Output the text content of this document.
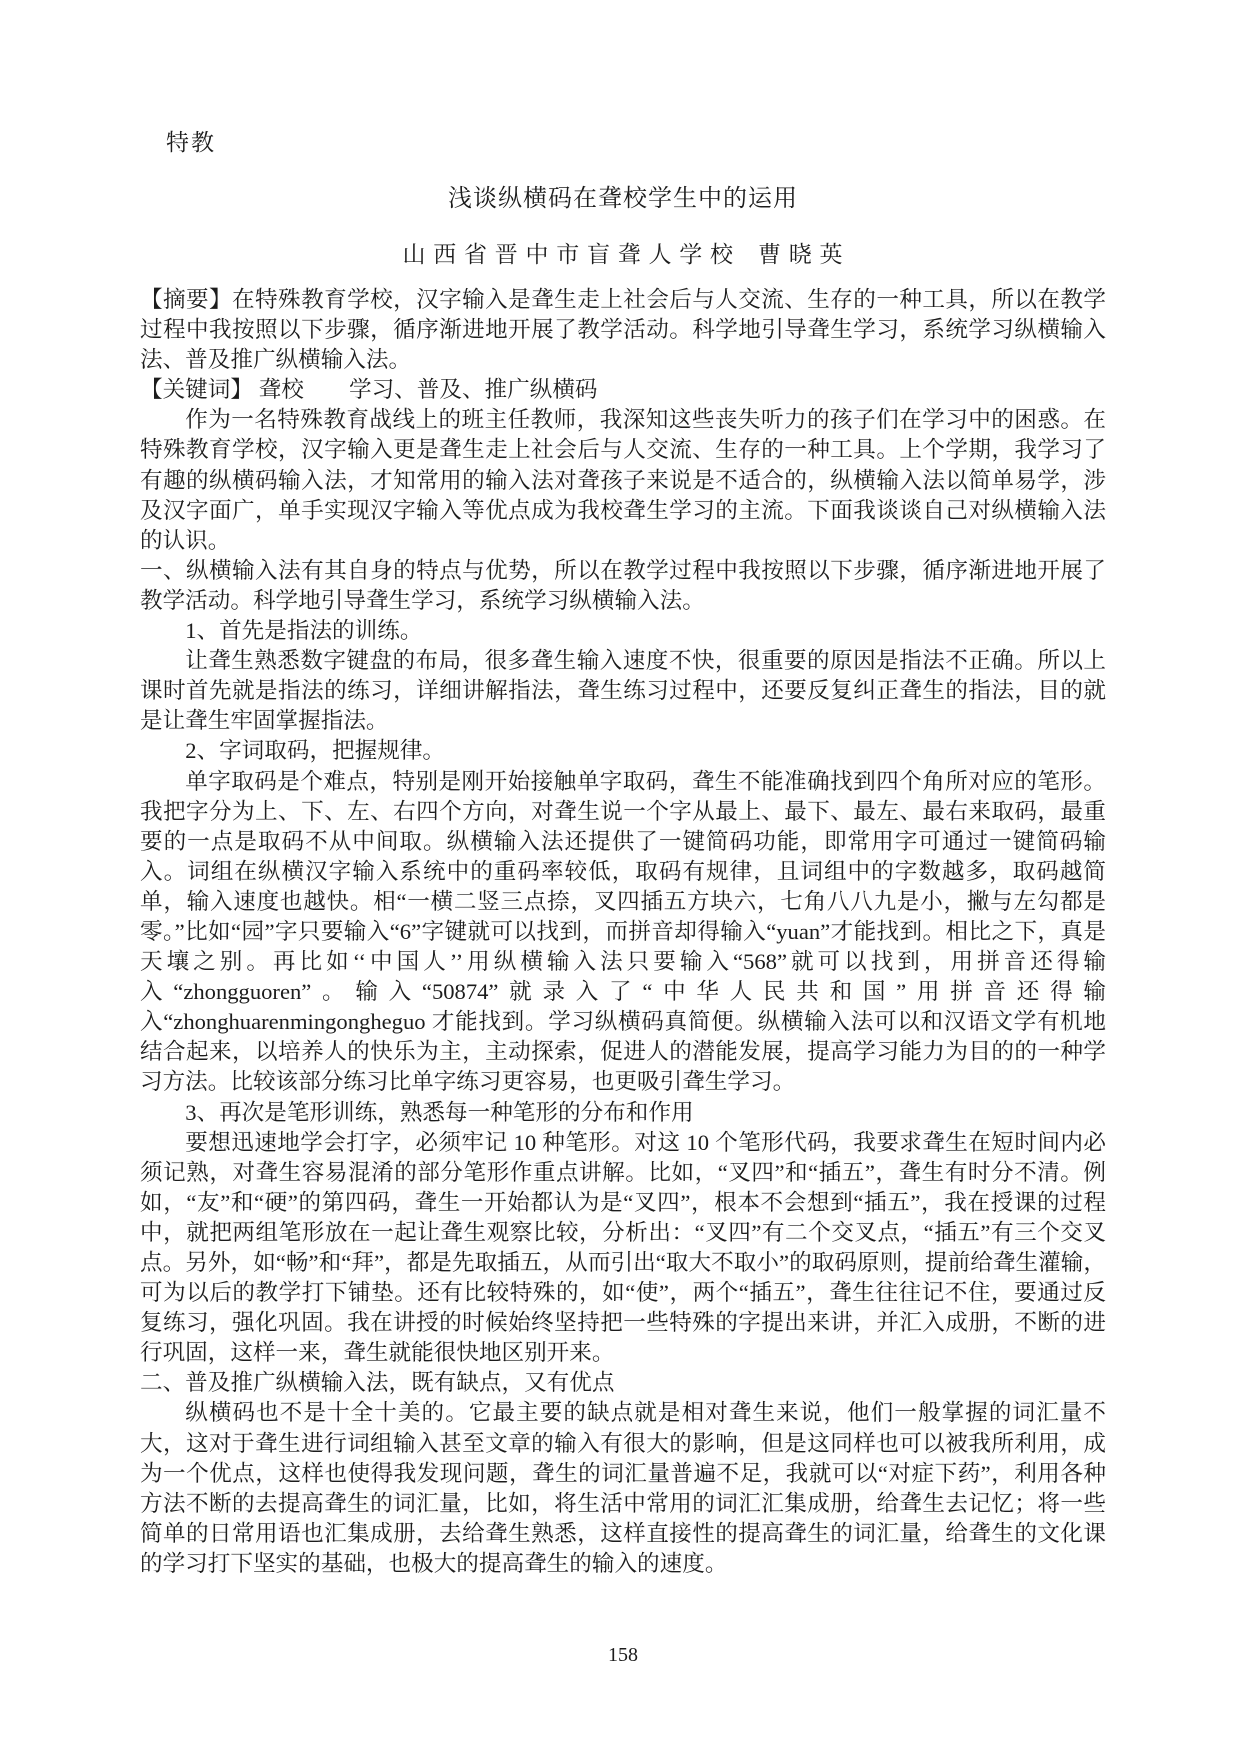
特教
浅谈纵横码在聋校学生中的运用
山 西 省 晋 中 市 盲 聋 人 学 校　曹 晓 英

【摘要】在特殊教育学校，汉字输入是聋生走上社会后与人交流、生存的一种工具，所以在教学过程中我按照以下步骤，循序渐进地开展了教学活动。科学地引导聋生学习，系统学习纵横输入法、普及推广纵横输入法。

【关键词】 聋校　　学习、普及、推广纵横码

作为一名特殊教育战线上的班主任教师，我深知这些丧失听力的孩子们在学习中的困惑。在特殊教育学校，汉字输入更是聋生走上社会后与人交流、生存的一种工具。上个学期，我学习了有趣的纵横码输入法，才知常用的输入法对聋孩子来说是不适合的，纵横输入法以简单易学，涉及汉字面广，单手实现汉字输入等优点成为我校聋生学习的主流。下面我谈谈自己对纵横输入法的认识。

一、纵横输入法有其自身的特点与优势，所以在教学过程中我按照以下步骤，循序渐进地开展了教学活动。科学地引导聋生学习，系统学习纵横输入法。

1、首先是指法的训练。

让聋生熟悉数字键盘的布局，很多聋生输入速度不快，很重要的原因是指法不正确。所以上课时首先就是指法的练习，详细讲解指法，聋生练习过程中，还要反复纠正聋生的指法，目的就是让聋生牢固掌握指法。

2、字词取码，把握规律。

单字取码是个难点，特别是刚开始接触单字取码，聋生不能准确找到四个角所对应的笔形。我把字分为上、下、左、右四个方向，对聋生说一个字从最上、最下、最左、最右来取码，最重要的一点是取码不从中间取。纵横输入法还提供了一键简码功能，即常用字可通过一键简码输入。词组在纵横汉字输入系统中的重码率较低，取码有规律，且词组中的字数越多，取码越简单，输入速度也越快。相“一横二竖三点捺，叉四插五方块六，七角八八九是小，撇与左勾都是零。”比如“园”字只要输入“6”字键就可以找到，而拼音却得输入“yuan”才能找到。相比之下，真是天壤之别。再比如‘‘中国人’’用纵横输入法只要输入“568”就可以找到，用拼音还得输入“zhongguoren”。输入“50874”就录入了“中华人民共和国”用拼音还得输入“zhonghuarenmingongheguo 才能找到。学习纵横码真简便。纵横输入法可以和汉语文学有机地结合起来，以培养人的快乐为主，主动探索，促进人的潜能发展，提高学习能力为目的的一种学习方法。比较该部分练习比单字练习更容易，也更吸引聋生学习。

3、再次是笔形训练，熟悉每一种笔形的分布和作用

要想迅速地学会打字，必须牢记 10 种笔形。对这 10 个笔形代码，我要求聋生在短时间内必须记熟，对聋生容易混淆的部分笔形作重点讲解。比如，“叉四”和“插五”，聋生有时分不清。例如，“友”和“硬”的第四码，聋生一开始都认为是“叉四”，根本不会想到“插五”，我在授课的过程中，就把两组笔形放在一起让聋生观察比较，分析出：“叉四”有二个交叉点，“插五”有三个交叉点。另外，如“畅”和“拜”，都是先取插五，从而引出“取大不取小”的取码原则，提前给聋生灌输，可为以后的教学打下铺垫。还有比较特殊的，如“使”，两个“插五”，聋生往往记不住，要通过反复练习，强化巩固。我在讲授的时候始终坚持把一些特殊的字提出来讲，并汇入成册，不断的进行巩固，这样一来，聋生就能很快地区别开来。

二、普及推广纵横输入法，既有缺点，又有优点

纵横码也不是十全十美的。它最主要的缺点就是相对聋生来说，他们一般掌握的词汇量不大，这对于聋生进行词组输入甚至文章的输入有很大的影响，但是这同样也可以被我所利用，成为一个优点，这样也使得我发现问题，聋生的词汇量普遍不足，我就可以“对症下药”，利用各种方法不断的去提高聋生的词汇量，比如，将生活中常用的词汇汇集成册，给聋生去记忆；将一些简单的日常用语也汇集成册，去给聋生熟悉，这样直接性的提高聋生的词汇量，给聋生的文化课的学习打下坚实的基础，也极大的提高聋生的输入的速度。

158
